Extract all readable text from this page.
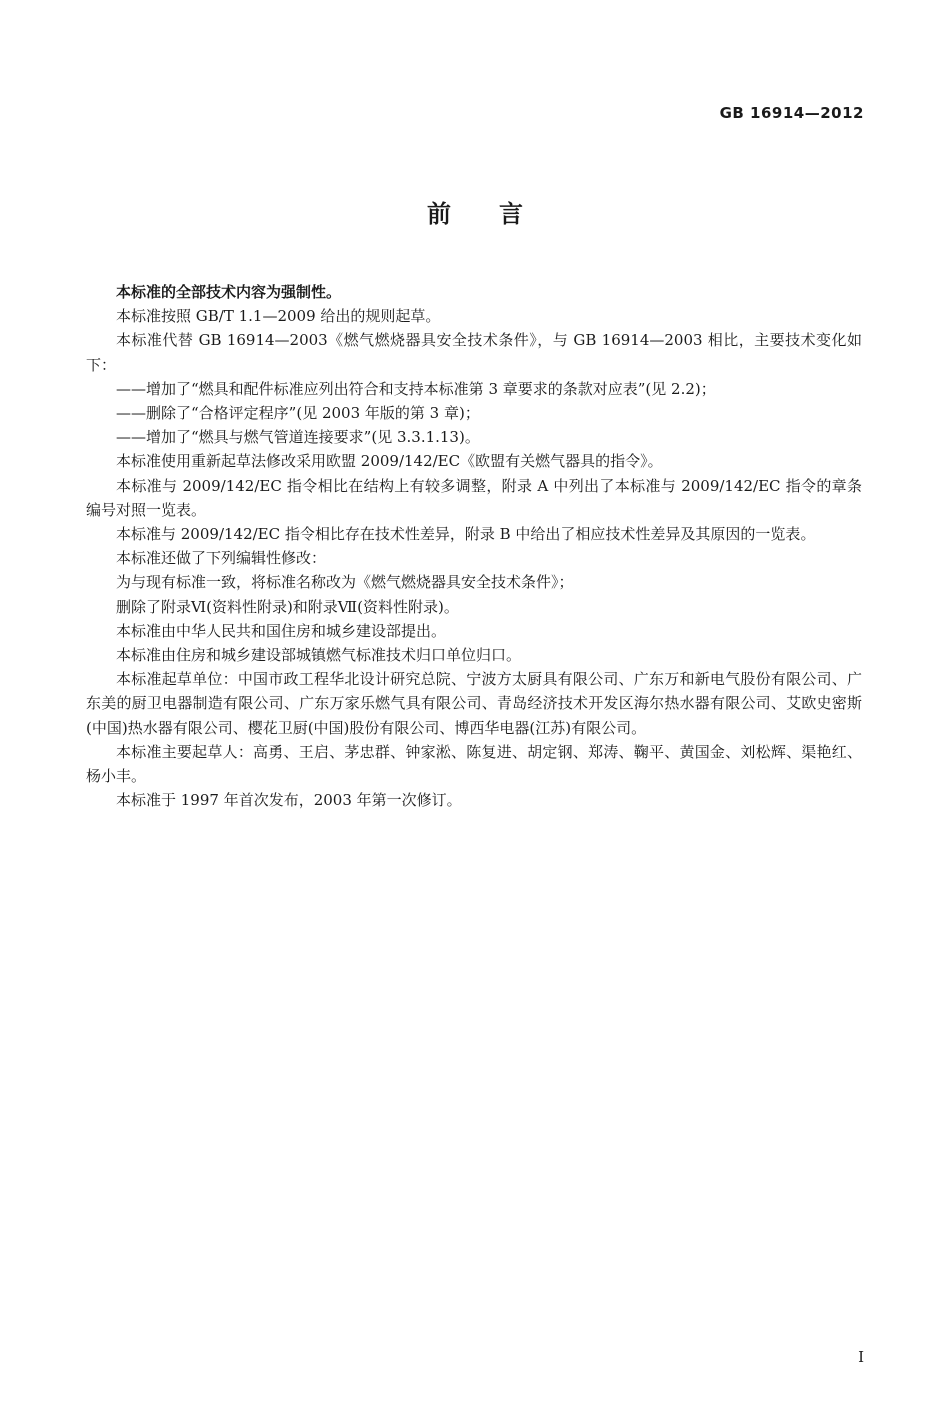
GB 16914—2012
前言

本标准的全部技术内容为强制性。

本标准按照 GB/T 1.1—2009 给出的规则起草。

本标准代替 GB 16914—2003《燃气燃烧器具安全技术条件》，与 GB 16914—2003 相比，主要技术变化如下：

——增加了“燃具和配件标准应列出符合和支持本标准第 3 章要求的条款对应表”(见 2.2)；

——删除了“合格评定程序”(见 2003 年版的第 3 章)；

——增加了“燃具与燃气管道连接要求”(见 3.3.1.13)。

本标准使用重新起草法修改采用欧盟 2009/142/EC《欧盟有关燃气器具的指令》。

本标准与 2009/142/EC 指令相比在结构上有较多调整，附录 A 中列出了本标准与 2009/142/EC 指令的章条编号对照一览表。

本标准与 2009/142/EC 指令相比存在技术性差异，附录 B 中给出了相应技术性差异及其原因的一览表。

本标准还做了下列编辑性修改：

为与现有标准一致，将标准名称改为《燃气燃烧器具安全技术条件》；

删除了附录Ⅵ(资料性附录)和附录Ⅶ(资料性附录)。

本标准由中华人民共和国住房和城乡建设部提出。

本标准由住房和城乡建设部城镇燃气标准技术归口单位归口。

本标准起草单位：中国市政工程华北设计研究总院、宁波方太厨具有限公司、广东万和新电气股份有限公司、广东美的厨卫电器制造有限公司、广东万家乐燃气具有限公司、青岛经济技术开发区海尔热水器有限公司、艾欧史密斯(中国)热水器有限公司、樱花卫厨(中国)股份有限公司、博西华电器(江苏)有限公司。

本标准主要起草人：高勇、王启、茅忠群、钟家淞、陈复进、胡定钢、郑涛、鞠平、黄国金、刘松辉、渠艳红、杨小丰。

本标准于 1997 年首次发布，2003 年第一次修订。

I
